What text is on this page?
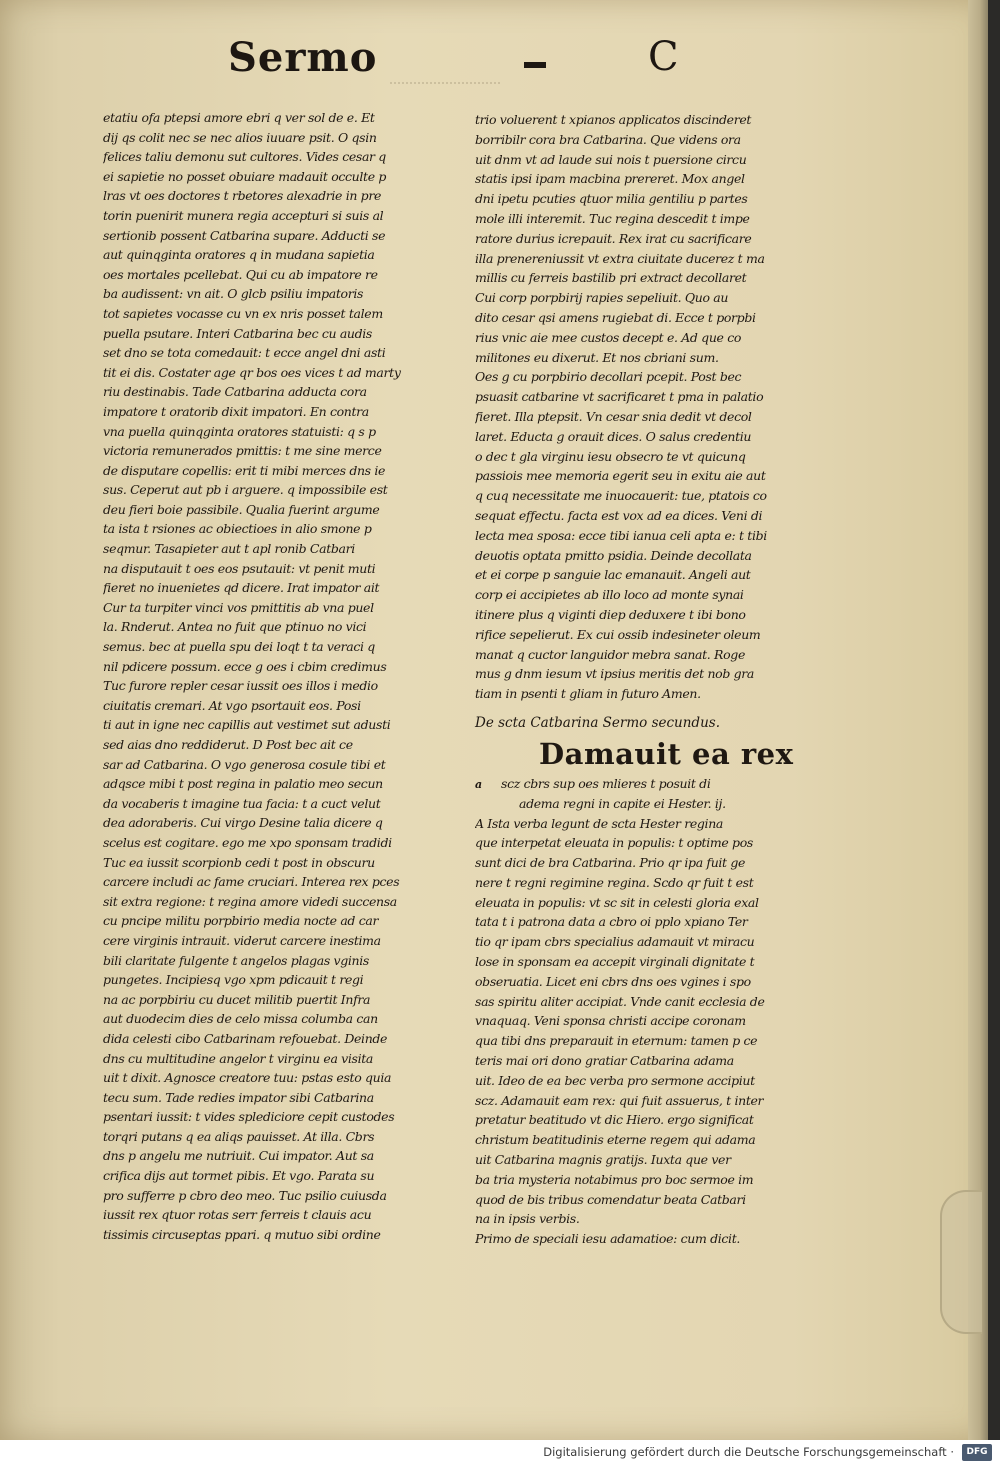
Sermo	C
etatiu ofa ptepsi amore ebri q ver sol de e. Et
dij qs colit nec se nec alios iuuare psit. O qsin
felices taliu demonu sut cultores. Vides cesar q
ei sapietie no posset obuiare madauit occulte p
lras vt oes doctores t rbetores alexadrie in pre
torin puenirit munera regia accepturi si suis al
sertionib possent Catbarina supare. Adducti se
aut quinqginta oratores q in mudana sapietia
oes mortales pcellebat. Qui cu ab impatore re
ba audissent: vn ait. O glcb psiliu impatoris
tot sapietes vocasse cu vn ex nris posset talem
puella psutare. Interi Catbarina bec cu audis
set dno se tota comedauit: t ecce angel dni asti
tit ei dis. Costater age qr bos oes vices t ad marty
riu destinabis. Tade Catbarina adducta cora
impatore t oratorib dixit impatori. En contra
vna puella quinqginta oratores statuisti: q s p
victoria remunerados pmittis: t me sine merce
de disputare copellis: erit ti mibi merces dns ie
sus. Ceperut aut pb i arguere. q impossibile est
deu fieri boie passibile. Qualia fuerint argume
ta ista t rsiones ac obiectioes in alio smone p
seqmur. Tasapieter aut t apl ronib Catbari
na disputauit t oes eos psutauit: vt penit muti
fieret no inuenietes qd dicere. Irat impator ait
Cur ta turpiter vinci vos pmittitis ab vna puel
la. Rnderut. Antea no fuit que ptinuo no vici
semus. bec at puella spu dei loqt t ta veraci q
nil pdicere possum. ecce g oes i cbim credimus
Tuc furore repler cesar iussit oes illos i medio
ciuitatis cremari. At vgo psortauit eos. Posi
ti aut in igne nec capillis aut vestimet sut adusti
sed aias dno reddiderut. D Post bec ait ce
sar ad Catbarina. O vgo generosa cosule tibi et
adqsce mibi t post regina in palatio meo secun
da vocaberis t imagine tua facia: t a cuct velut
dea adoraberis. Cui virgo Desine talia dicere q
scelus est cogitare. ego me xpo sponsam tradidi
Tuc ea iussit scorpionb cedi t post in obscuru
carcere includi ac fame cruciari. Interea rex pces
sit extra regione: t regina amore videdi succensa
cu pncipe militu porpbirio media nocte ad car
cere virginis intrauit. viderut carcere inestima
bili claritate fulgente t angelos plagas vginis
pungetes. Incipiesq vgo xpm pdicauit t regi
na ac porpbiriu cu ducet militib puertit Infra
aut duodecim dies de celo missa columba can
dida celesti cibo Catbarinam refouebat. Deinde
dns cu multitudine angelor t virginu ea visita
uit t dixit. Agnosce creatore tuu: pstas esto quia
tecu sum. Tade redies impator sibi Catbarina
psentari iussit: t vides splediciore cepit custodes
torqri putans q ea aliqs pauisset. At illa. Cbrs
dns p angelu me nutriuit. Cui impator. Aut sa
crifica dijs aut tormet pibis. Et vgo. Parata su
pro sufferre p cbro deo meo. Tuc psilio cuiusda
iussit rex qtuor rotas serr ferreis t clauis acu
tissimis circuseptas ppari. q mutuo sibi ordine
trio voluerent t xpianos applicatos discinderet
borribilr cora bra Catbarina. Que videns ora
uit dnm vt ad laude sui nois t puersione circu
statis ipsi ipam macbina prereret. Mox angel
dni ipetu pcuties qtuor milia gentiliu p partes
mole illi interemit. Tuc regina descedit t impe
ratore durius icrepauit. Rex irat cu sacrificare
illa prenereniussit vt extra ciuitate ducerez t ma
millis cu ferreis bastilib pri extract decollaret
Cui corp porpbirij rapies sepeliuit. Quo au
dito cesar qsi amens rugiebat di. Ecce t porpbi
rius vnic aie mee custos decept e. Ad que co
militones eu dixerut. Et nos cbriani sum.
Oes g cu porpbirio decollari pcepit. Post bec
psuasit catbarine vt sacrificaret t pma in palatio
fieret. Illa ptepsit. Vn cesar snia dedit vt decol
laret. Educta g orauit dices. O salus credentiu
o dec t gla virginu iesu obsecro te vt quicunq
passiois mee memoria egerit seu in exitu aie aut
q cuq necessitate me inuocauerit: tue, ptatois co
sequat effectu. facta est vox ad ea dices. Veni di
lecta mea sposa: ecce tibi ianua celi apta e: t tibi
deuotis optata pmitto psidia. Deinde decollata
et ei corpe p sanguie lac emanauit. Angeli aut
corp ei accipietes ab illo loco ad monte synai
itinere plus q viginti diep deduxere t ibi bono
rifice sepelierut. Ex cui ossib indesineter oleum
manat q cuctor languidor mebra sanat. Roge
mus g dnm iesum vt ipsius meritis det nob gra
tiam in psenti t gliam in futuro Amen.
De scta Catbarina Sermo secundus.
Damauit ea rex
a scz cbrs sup oes mlieres t posuit di
adema regni in capite ei Hester. ij.
A Ista verba legunt de scta Hester regina
que interpetat eleuata in populis: t optime pos
sunt dici de bra Catbarina. Prio qr ipa fuit ge
nere t regni regimine regina. Scdo qr fuit t est
eleuata in populis: vt sc sit in celesti gloria exal
tata t i patrona data a cbro oi pplo xpiano Ter
tio qr ipam cbrs specialius adamauit vt miracu
lose in sponsam ea accepit virginali dignitate t
obseruatia. Licet eni cbrs dns oes vgines i spo
sas spiritu aliter accipiat. Vnde canit ecclesia de
vnaquaq. Veni sponsa christi accipe coronam
qua tibi dns preparauit in eternum: tamen p ce
teris mai ori dono gratiar Catbarina adama
uit. Ideo de ea bec verba pro sermone accipiut
scz. Adamauit eam rex: qui fuit assuerus, t inter
pretatur beatitudo vt dic Hiero. ergo significat
christum beatitudinis eterne regem qui adama
uit Catbarina magnis gratijs. Iuxta que ver
ba tria mysteria notabimus pro boc sermoe im
quod de bis tribus comendatur beata Catbari
na in ipsis verbis.
Primo de speciali iesu adamatioe: cum dicit.
Digitalisierung gefördert durch die Deutsche Forschungsgemeinschaft ·	DFG
